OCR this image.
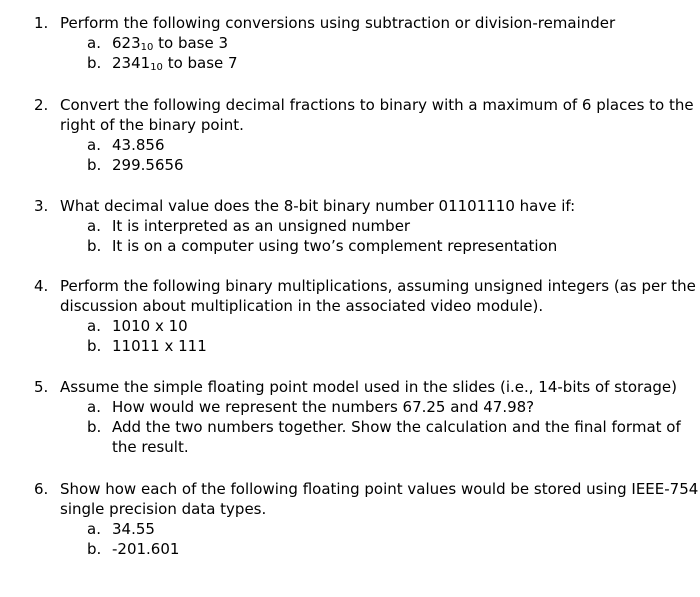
1. Perform the following conversions using subtraction or division-remainder
a. $623_{10}$ to base 3
b. $2341_{10}$ to base 7
2. Convert the following decimal fractions to binary with a maximum of 6 places to the
right of the binary point.
a. 43.856
b. 299.5656
3. What decimal value does the 8-bit binary number 01101110 have if:
a. It is interpreted as an unsigned number
b. It is on a computer using two’s complement representation
4. Perform the following binary multiplications, assuming unsigned integers (as per the
discussion about multiplication in the associated video module).
a. 1010 x 10
b. 11011 x 111
5. Assume the simple floating point model used in the slides (i.e., 14-bits of storage)
a. How would we represent the numbers 67.25 and 47.98?
b. Add the two numbers together. Show the calculation and the final format of
the result.
6. Show how each of the following floating point values would be stored using IEEE-754
single precision data types.
a. 34.55
b. -201.601
